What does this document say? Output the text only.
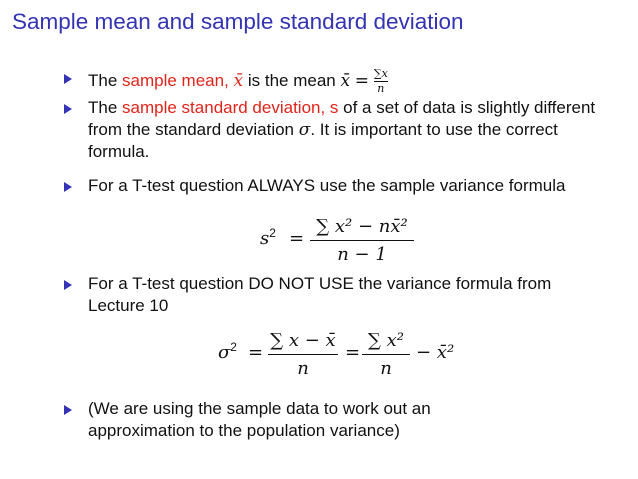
Sample mean and sample standard deviation
The sample mean, x̄ is the mean x̄ = $\frac{\sum x}{n}$
The sample standard deviation, s of a set of data is slightly different from the standard deviation σ. It is important to use the correct formula.
For a T-test question ALWAYS use the sample variance formula
$s^2$ =
∑ x² − nx̄²
n − 1
For a T-test question DO NOT USE the variance formula from Lecture 10
$\sigma^2$ =
∑ x − x̄
n
=
∑ x²
n
− x̄²
(We are using the sample data to work out an approximation to the population variance)
